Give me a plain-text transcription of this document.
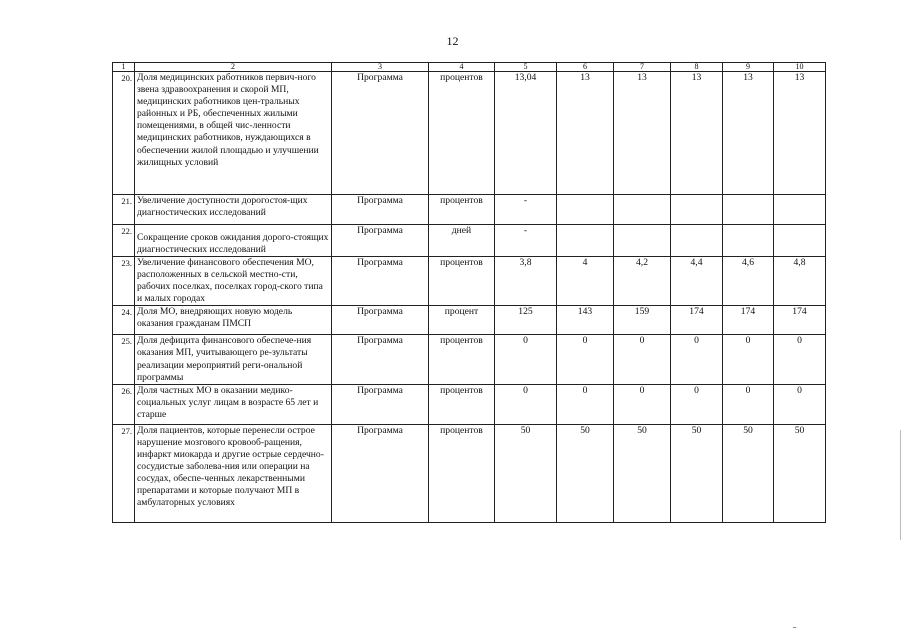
12
1	2	3	4	5	6	7	8	9	10
20.	Доля медицинских работников первич-ного звена здравоохранения и скорой МП, медицинских работников цен-тральных районных и РБ, обеспеченных жилыми помещениями, в общей чис-ленности медицинских работников, нуждающихся в обеспечении жилой площадью и улучшении жилищных условий	Программа	процентов	13,04	13	13	13	13	13
21.	Увеличение доступности дорогостоя-щих диагностических исследований	Программа	процентов	-					
22.	Сокращение сроков ожидания дорого-стоящих диагностических исследований	Программа	дней	-					
23.	Увеличение финансового обеспечения МО, расположенных в сельской местно-сти, рабочих поселках, поселках город-ского типа и малых городах	Программа	процентов	3,8	4	4,2	4,4	4,6	4,8
24.	Доля МО, внедряющих новую модель оказания гражданам ПМСП	Программа	процент	125	143	159	174	174	174
25.	Доля дефицита финансового обеспече-ния оказания МП, учитывающего ре-зультаты реализации мероприятий реги-ональной программы	Программа	процентов	0	0	0	0	0	0
26.	Доля частных МО в оказании медико-социальных услуг лицам в возрасте 65 лет и старше	Программа	процентов	0	0	0	0	0	0
27.	Доля пациентов, которые перенесли острое нарушение мозгового кровооб-ращения, инфаркт миокарда и другие острые сердечно-сосудистые заболева-ния или операции на сосудах, обеспе-ченных лекарственными препаратами и которые получают МП в амбулаторных условиях	Программа	процентов	50	50	50	50	50	50
